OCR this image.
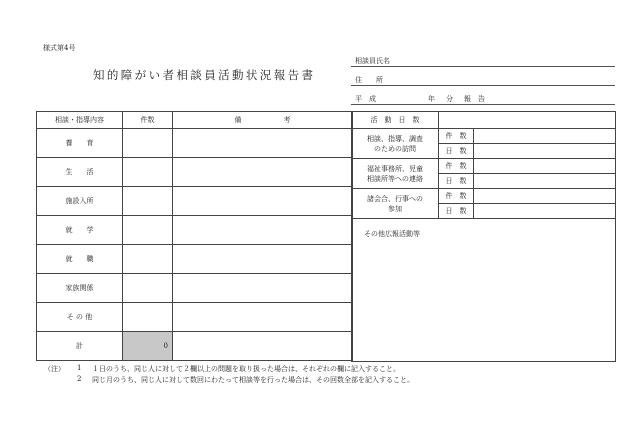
様式第4号
知的障がい者相談員活動状況報告書
相談員氏名
住　　所
平　成	年 分 報　告
相談・指導内容	件数	備　　　　　　考
養　　育		
生　　活		
施設入所		
就　　学		
就　　職		
家族関係		
そ の 他		
計	0	
活　動　日　数		

相談、指導、調査
のための訪問	件　数	
	日　数	

福祉事務所、児童
相談所等への連絡	件　数	
	日　数	

諸会合、行事への
参加	件　数	
	日　数	
その他広報活動等		
（注） 1 １日のうち、同じ人に対して２欄以上の問題を取り扱った場合は、それぞれの欄に記入すること。
2 同じ月のうち、同じ人に対して数回にわたって相談等を行った場合は、その回数全部を記入すること。
